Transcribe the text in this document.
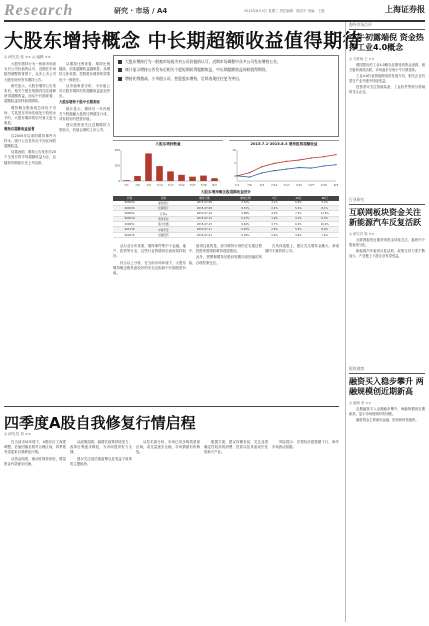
Research	研究 · 市场 / A4	2015年8月5日 星期三 责任编辑：陈庆中 美编：王艳	上海证券报
大股东增持概念 中长期超额收益值得期待
◎ 研究员 张 ×× ◎ 编辑 ××

大股东增持行为一般被市场视为对公司价值的认可，近期在市场剧烈调整的背景下，众多上市公司大股东纷纷发布增持公告。

研究显示，大股东增持公告发布后，相关个股在短期内往往能够获得超额收益，而从中长期来看，超额收益同样值得期待。

增持概念股表现总体优于市场，尤其是在市场估值处于较低水平时，大股东增持的信号意义更为明显。

增持后超额收益显著

以2005年以来的增持事件为样本，统计公告发布后不同区间的超额收益。

结果表明，增持公告发布后20个交易日的平均超额收益为正，且随持有期延长呈上升趋势。

从增持比例来看，增持比例越高，后续超额收益越明显；从增持主体来看，控股股东增持的效果优于一般股东。

从市值角度分析，小市值公司大股东增持后的超额收益更加突出。

大股东增持个股中长期表现

统计显示，增持后一年内相关个股跑赢大盘的比例超过六成，具有较好的投资价值。

建议投资者关注近期增持力度较大、估值合理的上市公司。

大股东增持行为一般被市场视为对公司价值的认可，近期市场调整中众多公司发布增持公告。
统计显示增持公告发布后相关个股短期获得超额收益，中长期超额收益同样值得期待。
增持比例越高、小市值公司、控股股东增持，后续表现往往更为突出。
大股东增持数量
7/1 7/6 7/9 7/14 7/17 7/22 7/27 7/30 8/3
0
100
200
2015.7.1-2015.8.3 增持股票超额收益
7/1	7/6	7/9 7/14 7/17 7/22 7/27 7/30 8/3
0
5
10
大股东增持概念股超额收益统计
代码	名称	增持日期	增持比例	5日	20日	60日
600000	浦发银行	2015-07-08	0.52%	3.1%	6.8%	9.4%
600036	招商银行	2015-07-09	0.31%	2.4%	5.2%	8.1%
000002	万科A	2015-07-10	0.88%	4.5%	7.3%	11.6%
600519	贵州茅台	2015-07-13	0.27%	1.9%	4.1%	6.5%
000651	格力电器	2015-07-15	0.64%	3.7%	6.0%	10.2%
601318	中国平安	2015-07-17	0.45%	2.8%	5.5%	8.9%
600276	恒瑞医药	2015-07-21	0.39%	2.2%	4.8%	7.6%

从行业分布来看，增持事件集中于金融、地产、医药等行业，这些行业的增持后表现同样较好。

综合以上分析，在当前市场环境下，大股东增持概念股具备较好的安全边际和中长期投资价值。

值得注意的是，部分增持计划仍在实施过程中，投资者需跟踪增持进展情况。

此外，需警惕增持后股价短期冲高回落的风险，合理控制仓位。

在具体选股上，建议关注增持金额大、承诺期内不减持的公司。

四季度A股自我修复行情启程
◎ 研究员 刘 ××

在当前市场环境下，A股经历了深度调整，估值回落至相对合理区间，四季度有望迎来自我修复行情。

从资金面看，流动性保持宽松，增量资金有望逐步回流。

从政策面看，稳增长政策持续发力，改革红利逐步释放，为市场提供有力支撑。

建议关注低估值蓝筹以及受益于改革的主题板块。

从技术面分析，市场已初步构筑底部区域，成交量逐步企稳，市场情绪有所修复。

配置方面，建议均衡布局，关注业绩确定性较高的消费、医药以及具备成长性的新兴产业。

风险提示：宏观经济超预期下行，海外市场波动加剧。

海外市场点评
小牛初露端倪 资金热捧工业4.0概念
◎ 分析师 王 ××

德国提出的工业4.0概念近期受到资金追捧，相关板块表现活跃，市场逐步呈现小牛行情迹象。

工业4.0代表智能制造的发展方向，相关企业有望在产业升级中持续受益。

投资者可关注智能装备、工业软件等细分领域的龙头企业。

行业研究
互联网板块资金关注 新能源汽车反复活跃
◎ 研究员 陈 ××

互联网板块近期获得资金持续关注，板块内个股表现分化。

新能源汽车板块反复活跃，政策支持力度不断加大，产业链上下游企业有望受益。

板块观察
融资买入稳步攀升 两融规模创近期新高
◎ 编辑 李 ××

近期融资买入金额稳步攀升，两融规模创近期新高，显示市场情绪有所回暖。

融资资金主要流向金融、医药和科技板块。
